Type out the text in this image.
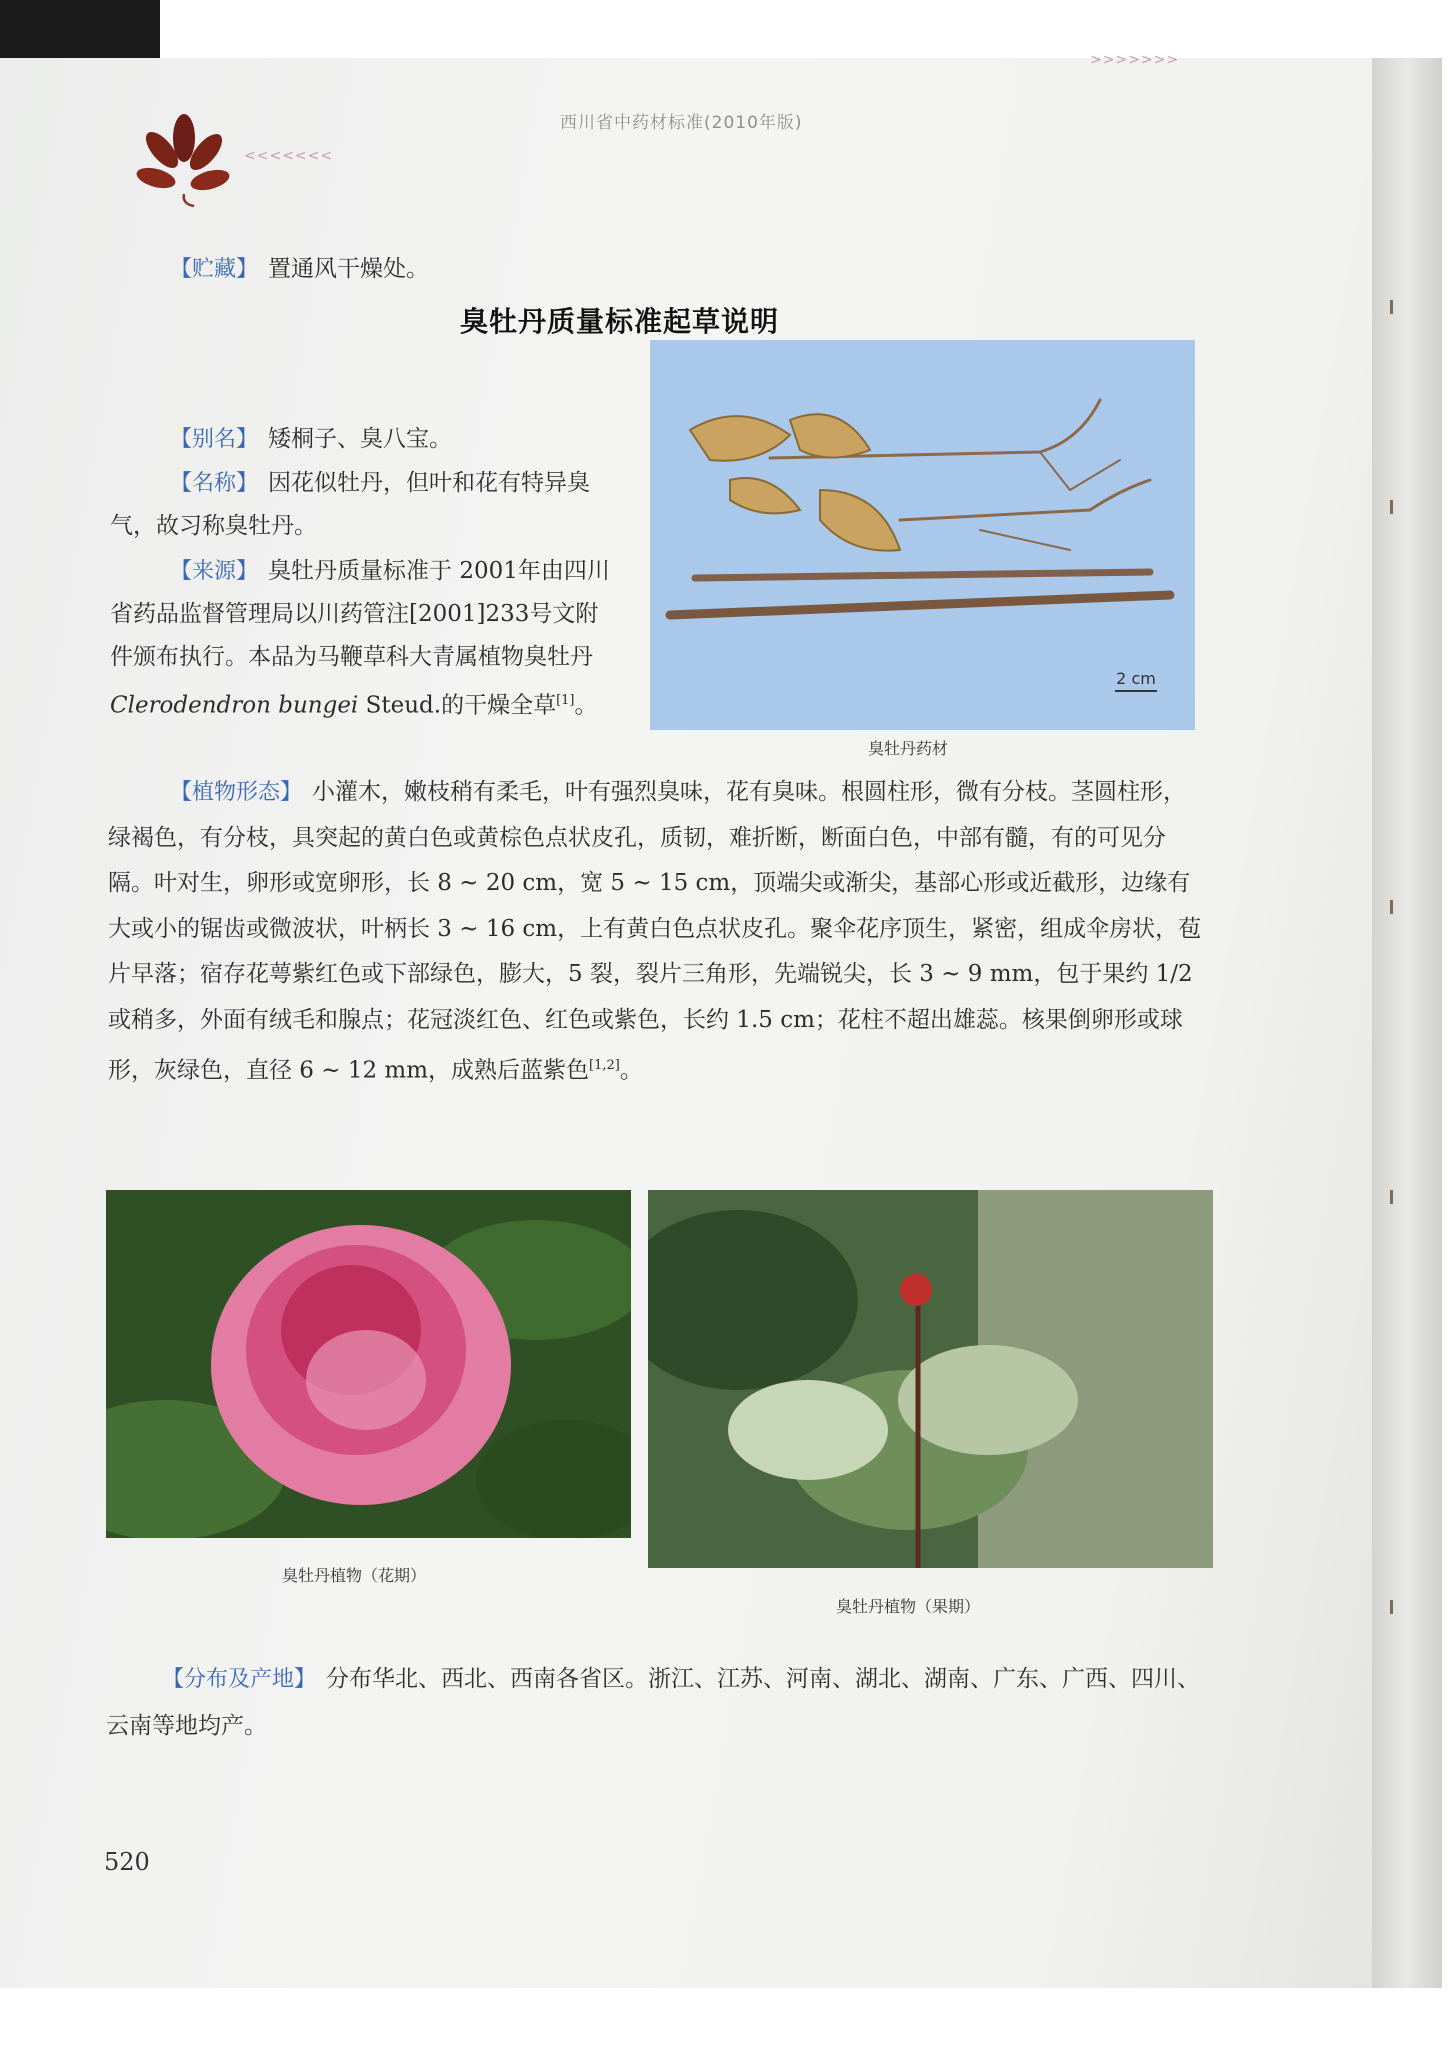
<<<<<<<
>>>>>>>
西川省中药材标准(2010年版)

【贮藏】 置通风干燥处。

臭牡丹质量标准起草说明

【别名】 矮桐子、臭八宝。

【名称】 因花似牡丹，但叶和花有特异臭气，故习称臭牡丹。

【来源】 臭牡丹质量标准于 2001年由四川省药品监督管理局以川药管注[2001]233号文附件颁布执行。本品为马鞭草科大青属植物臭牡丹Clerodendron bungei Steud.的干燥全草[1]。

2 cm
臭牡丹药材

【植物形态】 小灌木，嫩枝稍有柔毛，叶有强烈臭味，花有臭味。根圆柱形，微有分枝。茎圆柱形，绿褐色，有分枝，具突起的黄白色或黄棕色点状皮孔，质韧，难折断，断面白色，中部有髓，有的可见分隔。叶对生，卵形或宽卵形，长 8 ~ 20 cm，宽 5 ~ 15 cm，顶端尖或渐尖，基部心形或近截形，边缘有大或小的锯齿或微波状，叶柄长 3 ~ 16 cm，上有黄白色点状皮孔。聚伞花序顶生，紧密，组成伞房状，苞片早落；宿存花萼紫红色或下部绿色，膨大，5 裂，裂片三角形，先端锐尖，长 3 ~ 9 mm，包于果约 1/2 或稍多，外面有绒毛和腺点；花冠淡红色、红色或紫色，长约 1.5 cm；花柱不超出雄蕊。核果倒卵形或球形，灰绿色，直径 6 ~ 12 mm，成熟后蓝紫色[1,2]。

臭牡丹植物（花期）
臭牡丹植物（果期）

【分布及产地】 分布华北、西北、西南各省区。浙江、江苏、河南、湖北、湖南、广东、广西、四川、云南等地均产。

520
